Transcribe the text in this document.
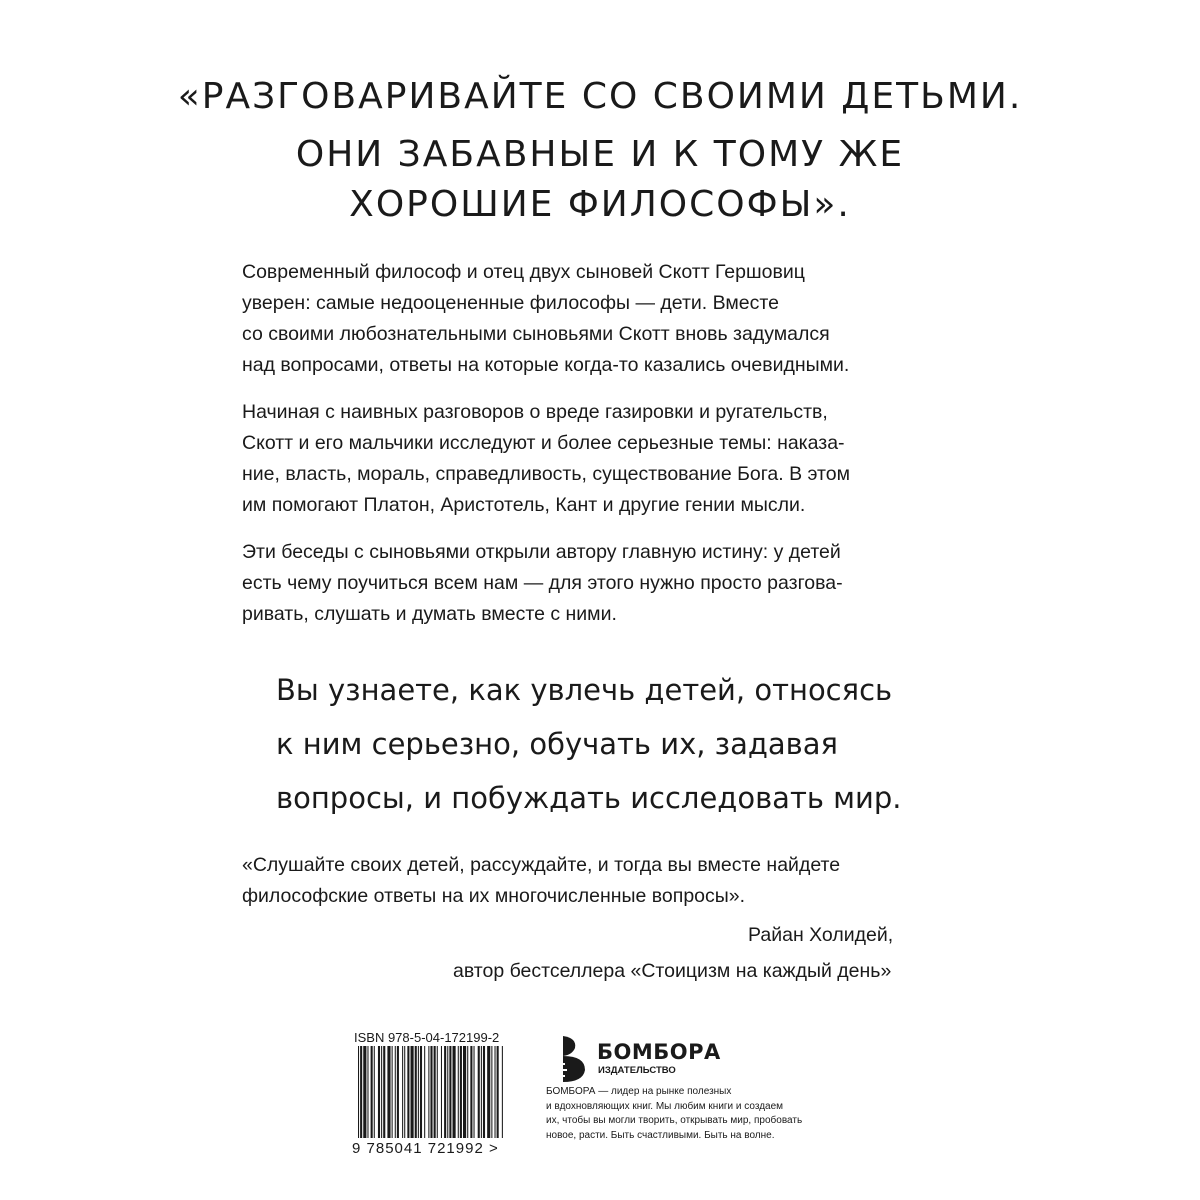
«РАЗГОВАРИВАЙТЕ СО СВОИМИ ДЕТЬМИ.
ОНИ ЗАБАВНЫЕ И К ТОМУ ЖЕ
ХОРОШИЕ ФИЛОСОФЫ».

Современный философ и отец двух сыновей Скотт Гершовиц
уверен: самые недооцененные философы — дети. Вместе
со своими любознательными сыновьями Скотт вновь задумался
над вопросами, ответы на которые когда-то казались очевидными.

Начиная с наивных разговоров о вреде газировки и ругательств,
Скотт и его мальчики исследуют и более серьезные темы: наказа-
ние, власть, мораль, справедливость, существование Бога. В этом
им помогают Платон, Аристотель, Кант и другие гении мысли.

Эти беседы с сыновьями открыли автору главную истину: у детей
есть чему поучиться всем нам — для этого нужно просто разгова-
ривать, слушать и думать вместе с ними.

Вы узнаете, как увлечь детей, относясь
к ним серьезно, обучать их, задавая
вопросы, и побуждать исследовать мир.

«Слушайте своих детей, рассуждайте, и тогда вы вместе найдете
философские ответы на их многочисленные вопросы».

Райан Холидей,
автор бестселлера «Стоицизм на каждый день»
ISBN 978-5-04-172199-2
9 785041 721992 >
БОМБОРА
ИЗДАТЕЛЬСТВО

БОМБОРА — лидер на рынке полезных
и вдохновляющих книг. Мы любим книги и создаем
их, чтобы вы могли творить, открывать мир, пробовать
новое, расти. Быть счастливыми. Быть на волне.
